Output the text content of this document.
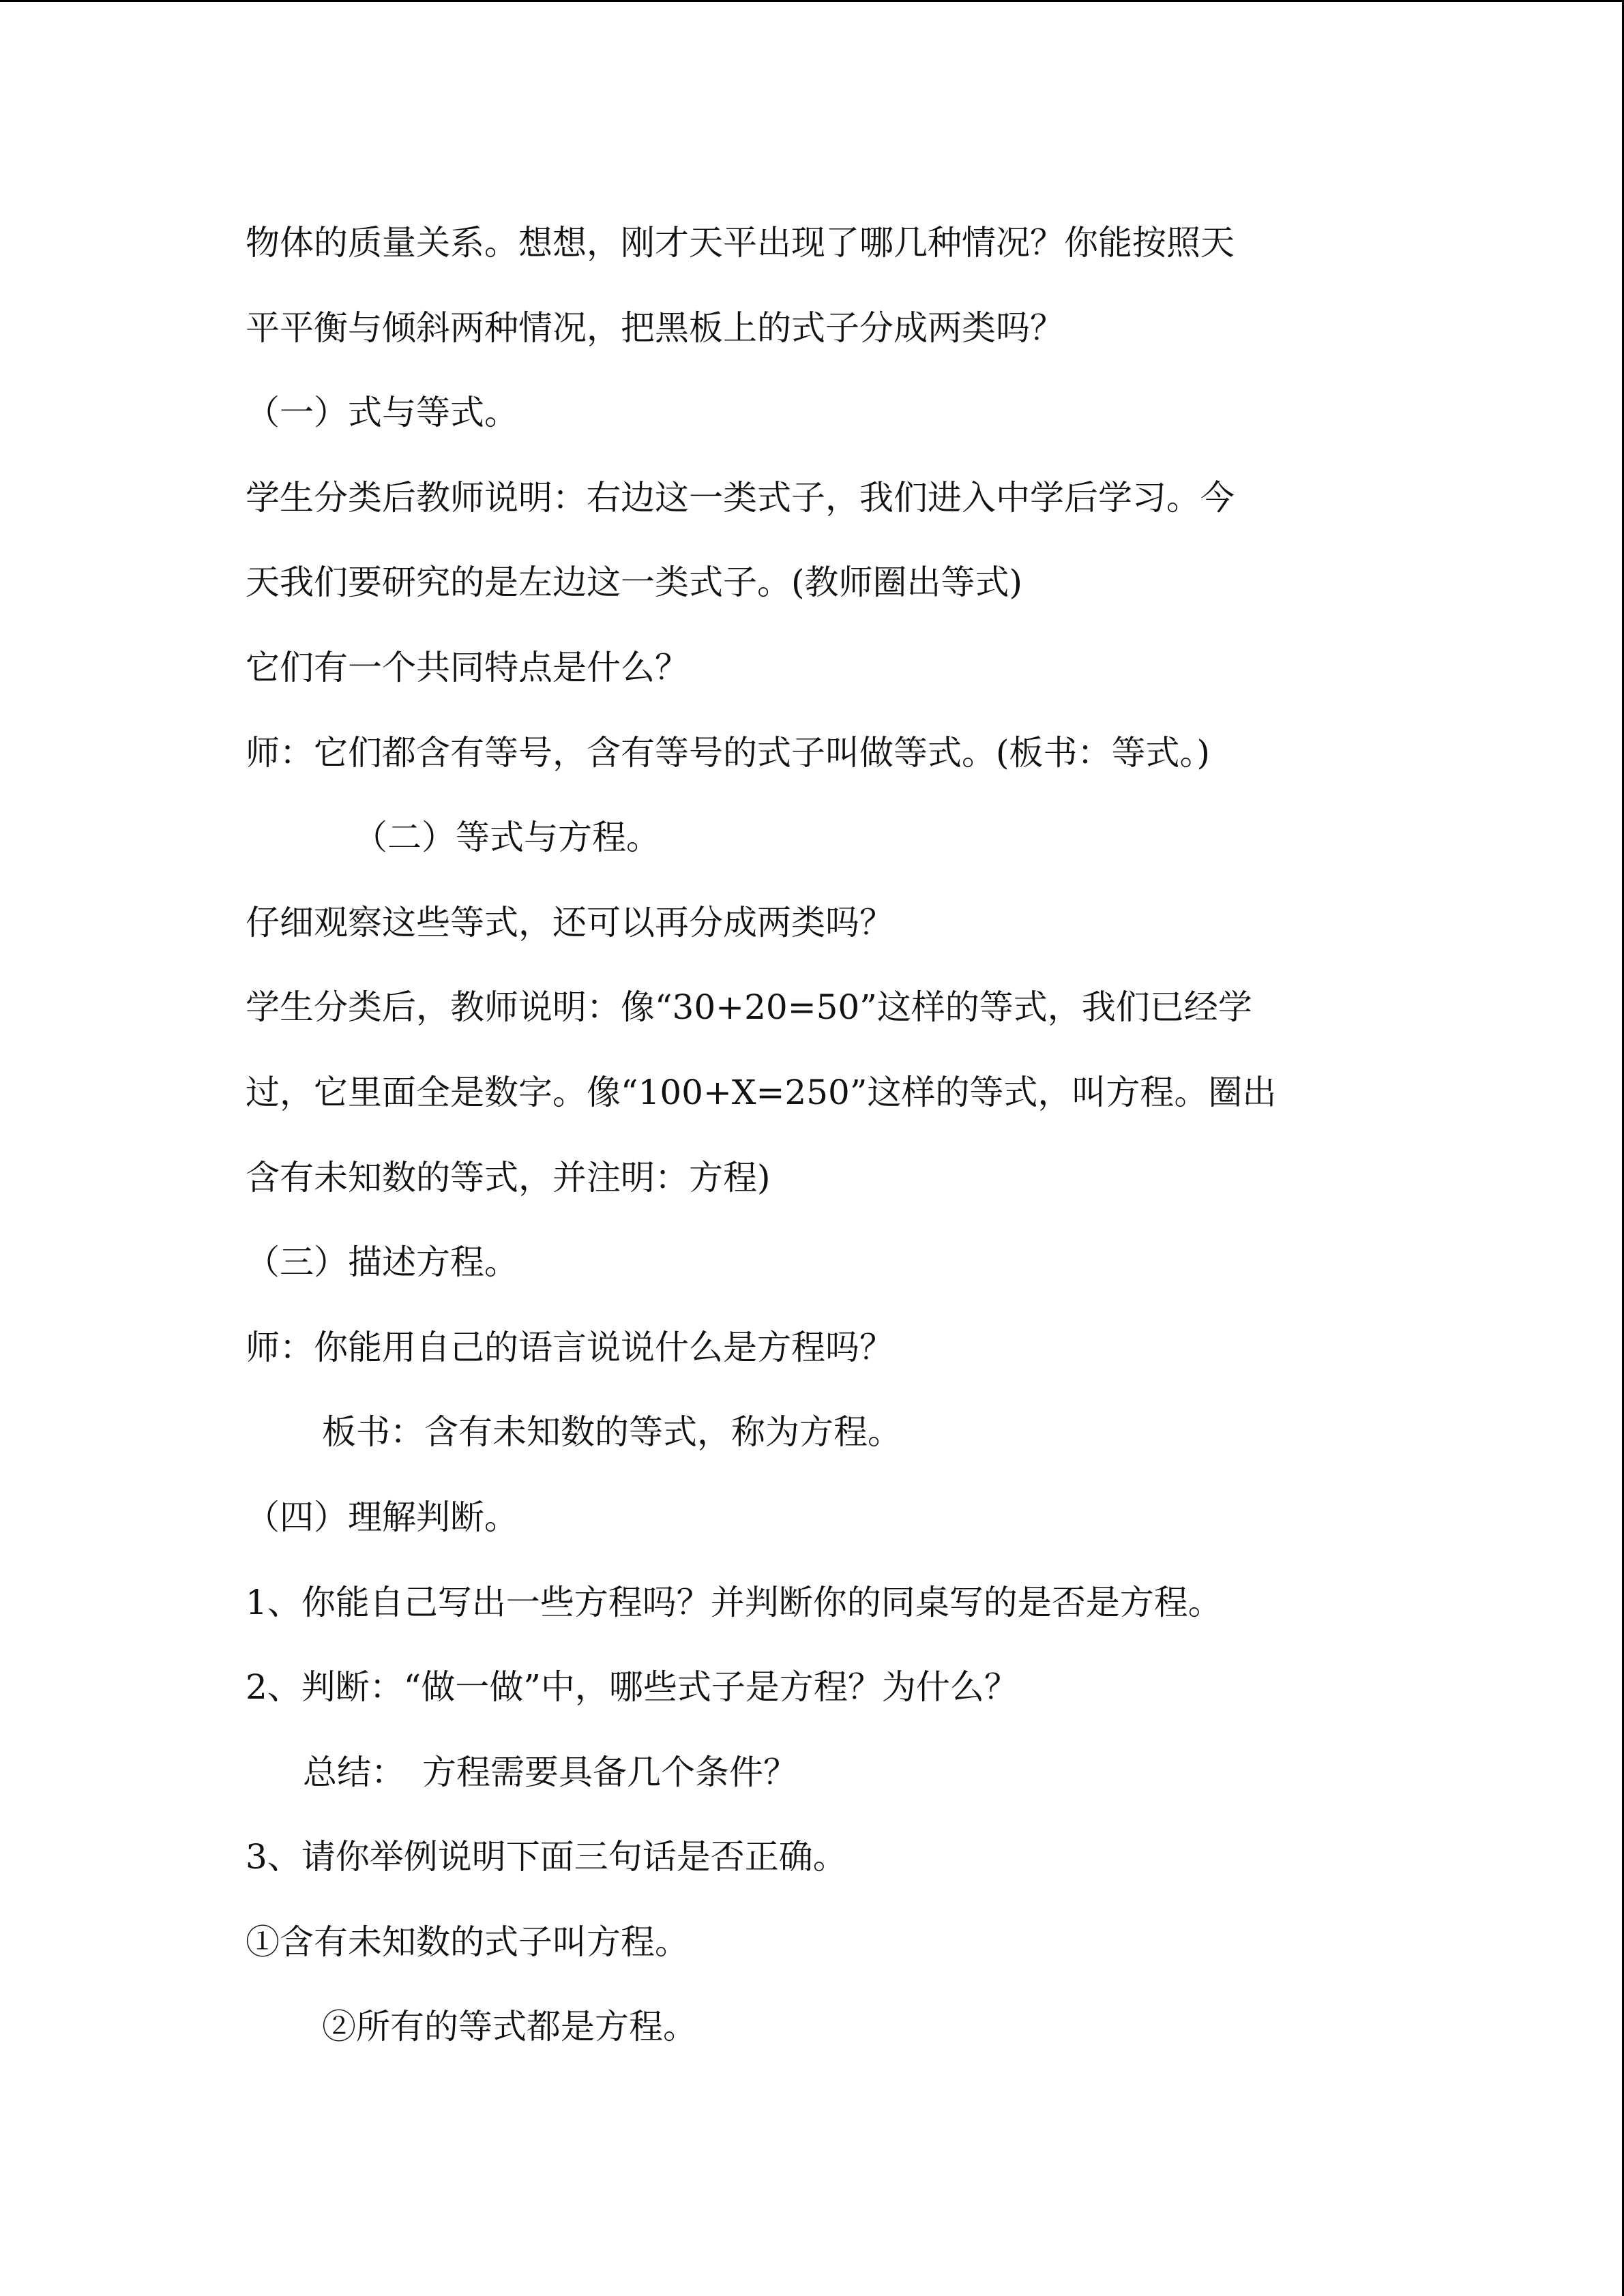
物体的质量关系。想想，刚才天平出现了哪几种情况？你能按照天
平平衡与倾斜两种情况，把黑板上的式子分成两类吗？
（一）式与等式。
学生分类后教师说明：右边这一类式子，我们进入中学后学习。今
天我们要研究的是左边这一类式子。(教师圈出等式)
它们有一个共同特点是什么？
师：它们都含有等号，含有等号的式子叫做等式。(板书：等式。)
（二）等式与方程。
仔细观察这些等式，还可以再分成两类吗？
学生分类后，教师说明：像“30+20=50”这样的等式，我们已经学
过，它里面全是数字。像“100+X=250”这样的等式，叫方程。圈出
含有未知数的等式，并注明：方程)
（三）描述方程。
师：你能用自己的语言说说什么是方程吗？
板书：含有未知数的等式，称为方程。
（四）理解判断。
1、你能自己写出一些方程吗？并判断你的同桌写的是否是方程。
2、判断：“做一做”中，哪些式子是方程？为什么？
总结：　方程需要具备几个条件？
3、请你举例说明下面三句话是否正确。
①含有未知数的式子叫方程。
②所有的等式都是方程。
